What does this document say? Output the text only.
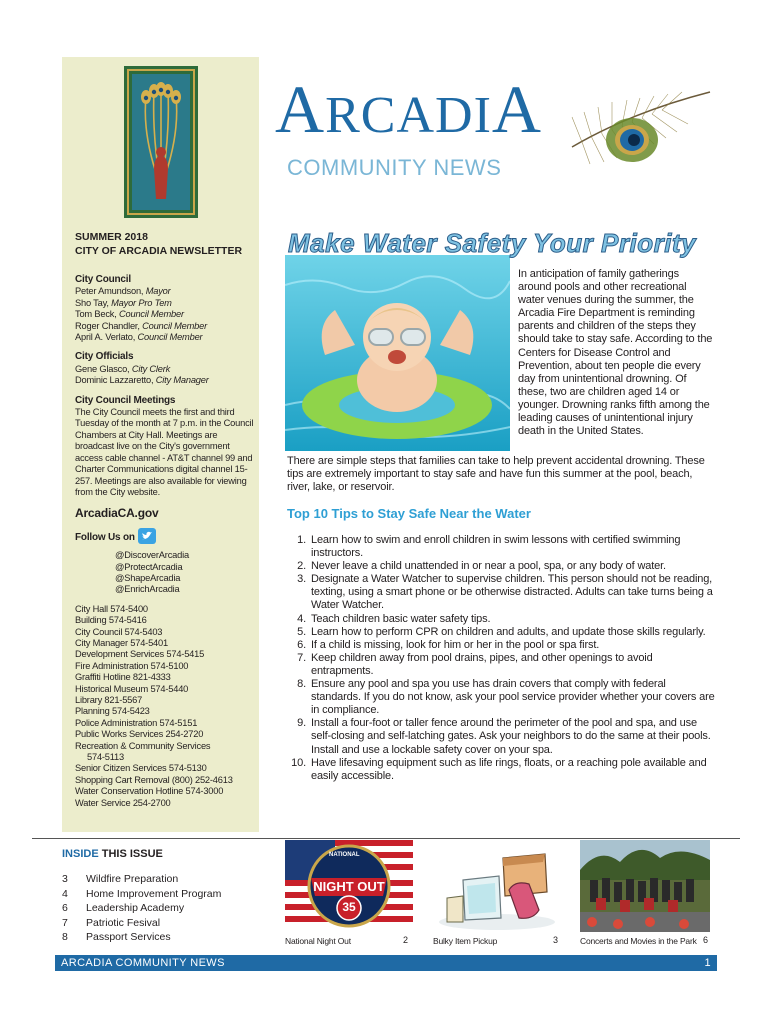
ARCADIA
COMMUNITY NEWS
SUMMER 2018
CITY OF ARCADIA NEWSLETTER
City Council
Peter Amundson, Mayor
Sho Tay, Mayor Pro Tem
Tom Beck, Council Member
Roger Chandler, Council Member
April A. Verlato, Council Member
City Officials
Gene Glasco, City Clerk
Dominic Lazzaretto, City Manager
City Council Meetings
The City Council meets the first and third Tuesday of the month at 7 p.m. in the Council Chambers at City Hall. Meetings are broadcast live on the City's government access cable channel - AT&T channel 99 and Charter Communications digital channel 15-257. Meetings are also available for viewing from the City website.
ArcadiaCA.gov
Follow Us on
@DiscoverArcadia
@ProtectArcadia
@ShapeArcadia
@EnrichArcadia
City Hall 574-5400
Building 574-5416
City Council 574-5403
City Manager 574-5401
Development Services 574-5415
Fire Administration 574-5100
Graffiti Hotline 821-4333
Historical Museum 574-5440
Library 821-5567
Planning 574-5423
Police Administration 574-5151
Public Works Services 254-2720
Recreation & Community Services
574-5113
Senior Citizen Services 574-5130
Shopping Cart Removal (800) 252-4613
Water Conservation Hotline 574-3000
Water Service 254-2700
Make Water Safety Your Priority
In anticipation of family gatherings around pools and other recreational water venues during the summer, the Arcadia Fire Department is reminding parents and children of the steps they should take to stay safe. According to the Centers for Disease Control and Prevention, about ten people die every day from unintentional drowning. Of these, two are children aged 14 or younger. Drowning ranks fifth among the leading causes of unintentional injury death in the United States.
There are simple steps that families can take to help prevent accidental drowning. These tips are extremely important to stay safe and have fun this summer at the pool, beach, river, lake, or reservoir.
Top 10 Tips to Stay Safe Near the Water
1. Learn how to swim and enroll children in swim lessons with certified swimming instructors.
2. Never leave a child unattended in or near a pool, spa, or any body of water.
3. Designate a Water Watcher to supervise children. This person should not be reading, texting, using a smart phone or be otherwise distracted. Adults can take turns being a Water Watcher.
4. Teach children basic water safety tips.
5. Learn how to perform CPR on children and adults, and update those skills regularly.
6. If a child is missing, look for him or her in the pool or spa first.
7. Keep children away from pool drains, pipes, and other openings to avoid entrapments.
8. Ensure any pool and spa you use has drain covers that comply with federal standards. If you do not know, ask your pool service provider whether your covers are in compliance.
9. Install a four-foot or taller fence around the perimeter of the pool and spa, and use self-closing and self-latching gates. Ask your neighbors to do the same at their pools. Install and use a lockable safety cover on your spa.
10. Have lifesaving equipment such as life rings, floats, or a reaching pole available and easily accessible.
INSIDE THIS ISSUE
3	Wildfire Preparation
4	Home Improvement Program
6	Leadership Academy
7	Patriotic Fesival
8	Passport Services
NATIONAL
NIGHT OUT
35
National Night Out	2	Bulky Item Pickup	3	Concerts and Movies in the Park 6
ARCADIA COMMUNITY NEWS	1
